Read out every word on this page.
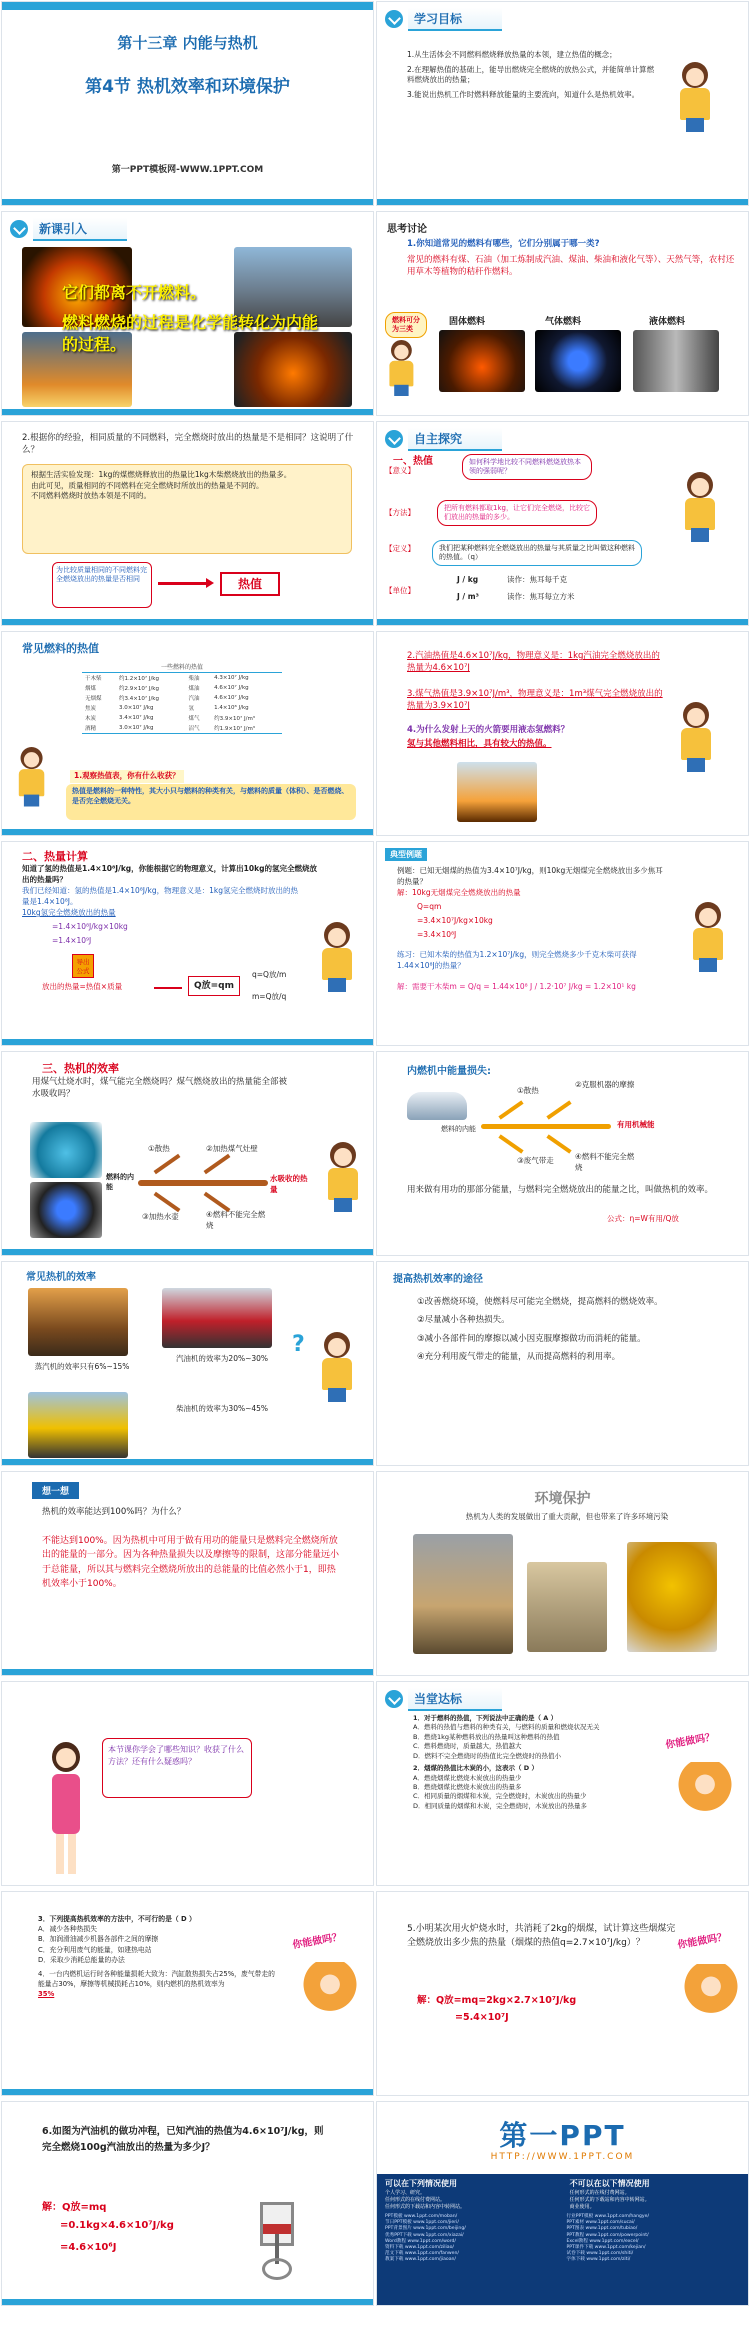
第十三章 内能与热机
第4节 热机效率和环境保护
第一PPT模板网-WWW.1PPT.COM
学习目标

1.从生活体会不同燃料燃烧释放热量的本领，建立热值的概念；

2.在理解热值的基础上，能导出燃烧完全燃烧的放热公式，并能简单计算燃料燃烧放出的热量；

3.能说出热机工作时燃料释放能量的主要流向，知道什么是热机效率。

新课引入
它们都离不开燃料。
燃料燃烧的过程是化学能转化为内能的过程。
思考讨论
1.你知道常见的燃料有哪些，它们分别属于哪一类?
常见的燃料有煤、石油（加工炼制成汽油、煤油、柴油和液化气等）、天然气等，农村还用草木等植物的秸秆作燃料。
燃料可分为三类
固体燃料	气体燃料	液体燃料
2.根据你的经验，相同质量的不同燃料，完全燃烧时放出的热量是不是相同？这说明了什么？

根据生活实验发现：1kg的煤燃烧释放出的热量比1kg木柴燃烧放出的热量多。

由此可见，质量相同的不同燃料在完全燃烧时所放出的热量是不同的。

不同燃料燃烧时放热本领是不同的。

为比较质量相同的不同燃料完全燃烧放出的热量是否相同	热值
自主探究
一、热值	如何科学地比较不同燃料燃烧放热本领的强弱呢？
【意义】
【方法】	把所有燃料都取1kg，让它们完全燃烧，比较它们放出的热量的多少。
【定义】	我们把某种燃料完全燃烧放出的热量与其质量之比叫做这种燃料的热值。（q）
【单位】
J / kg	读作：焦耳每千克
J / m³	读作：焦耳每立方米
常见燃料的热值
一些燃料的热值
干木柴	约1.2×10⁷ J/kg	柴油	4.3×10⁷ J/kg
烟煤	约2.9×10⁷ J/kg	煤油	4.6×10⁷ J/kg
无烟煤	约3.4×10⁷ J/kg	汽油	4.6×10⁷ J/kg
焦炭	3.0×10⁷ J/kg	氢	1.4×10⁸ J/kg
木炭	3.4×10⁷ J/kg	煤气	约3.9×10⁷ J/m³
酒精	3.0×10⁷ J/kg	沼气	约1.9×10⁷ J/m³
1.观察热值表，你有什么收获？
热值是燃料的一种特性，其大小只与燃料的种类有关，与燃料的质量（体积）、是否燃烧、是否完全燃烧无关。
2.汽油热值是4.6×10⁷J/kg，物理意义是：1kg汽油完全燃烧放出的热量为4.6×10⁷J
3.煤气热值是3.9×10⁷J/m³，物理意义是：1m³煤气完全燃烧放出的热量为3.9×10⁷J
4.为什么发射上天的火箭要用液态氢燃料？
氢与其他燃料相比，具有较大的热值。
二、热量计算
知道了氢的热值是1.4×10⁸J/kg，你能根据它的物理意义，计算出10kg的氢完全燃烧放出的热量吗？
我们已经知道：氢的热值是1.4×10⁸J/kg，物理意义是：1kg氢完全燃烧时放出的热量是1.4×10⁸J。
10kg氢完全燃烧放出的热量
=1.4×10⁸J/kg×10kg
=1.4×10⁹J
导出公式
放出的热量=热值×质量	Q放=qm
q=Q放/m
m=Q放/q
典型例题
例题：已知无烟煤的热值为3.4×10⁷J/kg，则10kg无烟煤完全燃烧放出多少焦耳的热量？
解：10kg无烟煤完全燃烧放出的热量
Q=qm
=3.4×10⁷J/kg×10kg
=3.4×10⁸J
练习：已知木柴的热值为1.2×10⁷J/kg，则完全燃烧多少千克木柴可获得1.44×10⁸J的热量？
解：需要干木柴m = Q/q = 1.44×10⁸ J / 1.2·10⁷ J/kg = 1.2×10¹ kg
三、热机的效率
用煤气灶烧水时，煤气能完全燃烧吗？煤气燃烧放出的热量能全部被水吸收吗？
燃料的内能
①散热	②加热煤气灶壁
③加热水壶	④燃料不能完全燃烧
水吸收的热量
内燃机中能量损失:
燃料的内能
①散热
②克服机器的摩擦
③废气带走	④燃料不能完全燃烧
有用机械能
用来做有用功的那部分能量，与燃料完全燃烧放出的能量之比，叫做热机的效率。
公式：η=W有用/Q放
常见热机的效率
蒸汽机的效率只有6%~15%
汽油机的效率为20%~30%
柴油机的效率为30%~45%
?
提高热机效率的途径

①改善燃烧环境，使燃料尽可能完全燃烧，提高燃料的燃烧效率。

②尽量减小各种热损失。

③减小各部件间的摩擦以减小因克服摩擦做功而消耗的能量。

④充分利用废气带走的能量，从而提高燃料的利用率。

想一想
热机的效率能达到100%吗？为什么？
不能达到100%。因为热机中可用于做有用功的能量只是燃料完全燃烧所放出的能量的一部分。因为各种热量损失以及摩擦等的限制，这部分能量远小于总能量，所以其与燃料完全燃烧所放出的总能量的比值必然小于1，即热机效率小于100%。
环境保护
热机为人类的发展做出了重大贡献，但也带来了许多环境污染
本节课你学会了哪些知识？收获了什么方法？还有什么疑惑吗？
当堂达标

1．对于燃料的热值，下列说法中正确的是（ A ）

A．燃料的热值与燃料的种类有关，与燃料的质量和燃烧状况无关

B．燃烧1kg某种燃料放出的热量叫这种燃料的热值

C．燃料燃烧时，质量越大，热值越大

D．燃料不完全燃烧时的热值比完全燃烧时的热值小

2．烟煤的热值比木炭的小，这表示（ D ）

A．燃烧烟煤比燃烧木炭放出的热量少

B．燃烧烟煤比燃烧木炭放出的热量多

C．相同质量的烟煤和木炭，完全燃烧时，木炭放出的热量少

D．相同质量的烟煤和木炭，完全燃烧时，木炭放出的热量多

你能做吗？

3．下列提高热机效率的方法中，不可行的是（ D ）

A．减少各种热损失

B．加润滑油减少机器各部件之间的摩擦

C．充分利用废气的能量，如建热电站

D．采取少消耗总能量的办法

4．一台内燃机运行时各种能量损耗大致为：汽缸散热损失占25%，废气带走的能量占30%，摩擦等机械损耗占10%，则内燃机的热机效率为

35%

你能做吗？
5.小明某次用火炉烧水时，共消耗了2kg的烟煤，试计算这些烟煤完全燃烧放出多少焦的热量（烟煤的热值q=2.7×10⁷J/kg）？
解：Q放=mq=2kg×2.7×10⁷J/kg
=5.4×10⁷J
你能做吗？
6.如图为汽油机的做功冲程，已知汽油的热值为4.6×10⁷J/kg，则完全燃烧100g汽油放出的热量为多少J？
解：Q放=mq
=0.1kg×4.6×10⁷J/kg
=4.6×10⁶J
第一PPT
HTTP://WWW.1PPT.COM
可以在下列情况使用
个人学习、研究。
任何形式的在线付费网站。
任何形式的下载站和内容中转网站。
不可以在以下情况使用
任何形式的在线付费网站。
任何形式的下载站和内容中转网站。
商业使用。
PPT模板 www.1ppt.com/moban/	行业PPT模板 www.1ppt.com/hangye/
节日PPT模板 www.1ppt.com/jieri/	PPT素材 www.1ppt.com/sucai/
PPT背景图片 www.1ppt.com/beijing/	PPT图表 www.1ppt.com/tubiao/
优秀PPT下载 www.1ppt.com/xiazai/	PPT教程 www.1ppt.com/powerpoint/
Word教程 www.1ppt.com/word/	Excel教程 www.1ppt.com/excel/
资料下载 www.1ppt.com/ziliao/	PPT课件下载 www.1ppt.com/kejian/
范文下载 www.1ppt.com/fanwen/	试卷下载 www.1ppt.com/shiti/
教案下载 www.1ppt.com/jiaoan/	字体下载 www.1ppt.com/ziti/
